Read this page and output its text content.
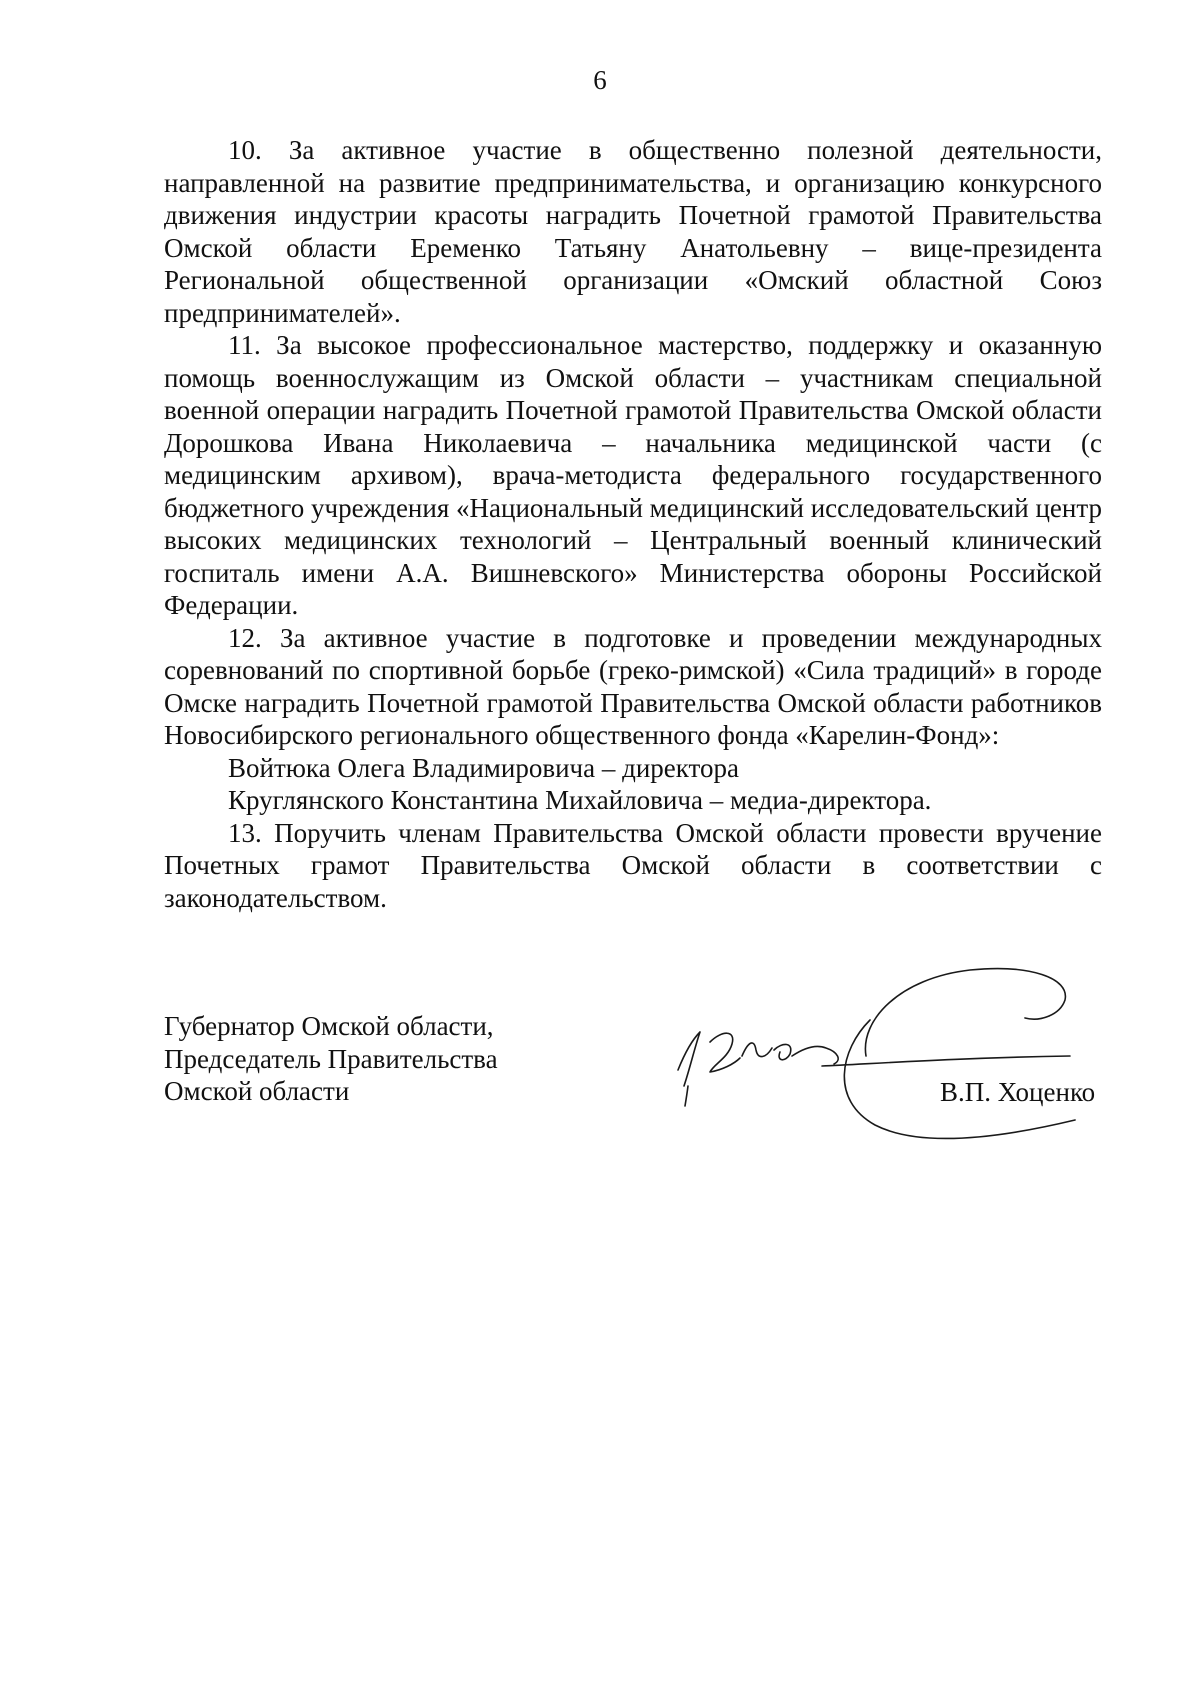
6

10. За активное участие в общественно полезной деятельности, направленной на развитие предпринимательства, и организацию конкурсного движения индустрии красоты наградить Почетной грамотой Правительства Омской области Еременко Татьяну Анатольевну – вице-президента Региональной общественной организации «Омский областной Союз предпринимателей».

11. За высокое профессиональное мастерство, поддержку и оказанную помощь военнослужащим из Омской области – участникам специальной военной операции наградить Почетной грамотой Правительства Омской области Дорошкова Ивана Николаевича – начальника медицинской части (с медицинским архивом), врача-методиста федерального государственного бюджетного учреждения «Национальный медицинский исследовательский центр высоких медицинских технологий – Центральный военный клинический госпиталь имени А.А. Вишневского» Министерства обороны Российской Федерации.

12. За активное участие в подготовке и проведении международных соревнований по спортивной борьбе (греко-римской) «Сила традиций» в городе Омске наградить Почетной грамотой Правительства Омской области работников Новосибирского регионального общественного фонда «Карелин-Фонд»:

Войтюка Олега Владимировича – директора

Круглянского Константина Михайловича – медиа-директора.

13. Поручить членам Правительства Омской области провести вручение Почетных грамот Правительства Омской области в соответствии с законодательством.

Губернатор Омской области,
Председатель Правительства
Омской области	В.П. Хоценко
